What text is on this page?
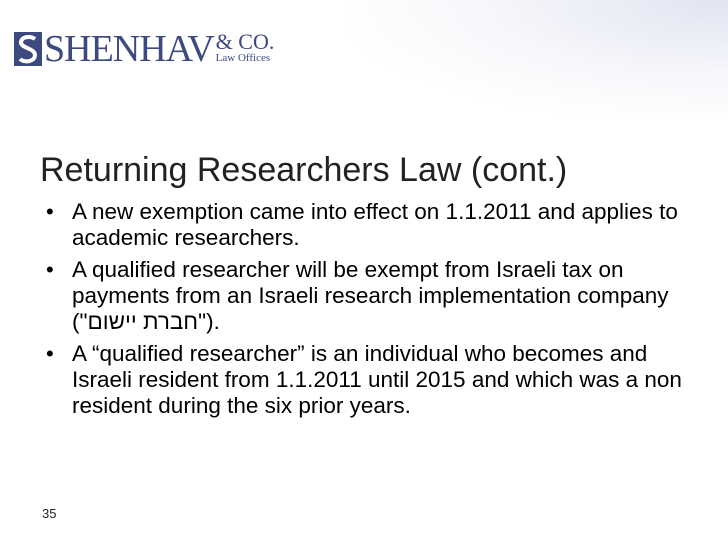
SHENHAV & CO.
Law Offices
Returning Researchers Law (cont.)
• A new exemption came into effect on 1.1.2011 and applies to academic researchers.
• A qualified researcher will be exempt from Israeli tax on payments from an Israeli research implementation company ("חברת יישום").
• A “qualified researcher” is an individual who becomes and Israeli resident from 1.1.2011 until 2015 and which was a non resident during the six prior years.
35
